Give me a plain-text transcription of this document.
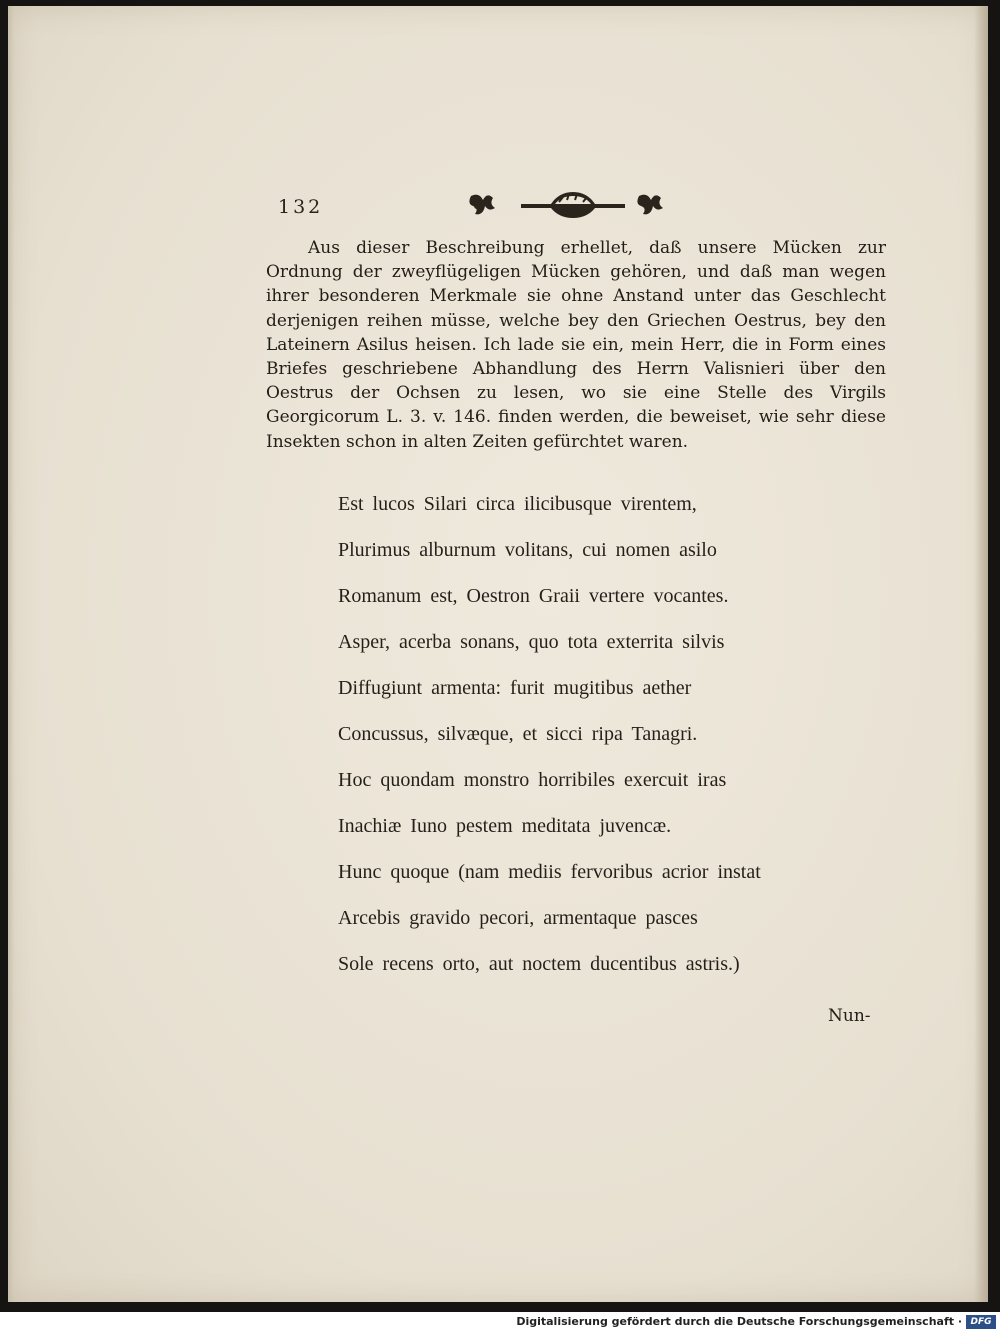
132

Aus dieser Beschreibung erhellet, daß unsere Mücken zur Ordnung der zweyflügeligen Mücken gehören, und daß man wegen ihrer besonderen Merkmale sie ohne Anstand unter das Geschlecht derjenigen reihen müsse, welche bey den Griechen Oestrus, bey den Lateinern Asilus heisen. Ich lade sie ein, mein Herr, die in Form eines Briefes geschriebene Abhandlung des Herrn Valisnieri über den Oestrus der Ochsen zu lesen, wo sie eine Stelle des Virgils Georgicorum L. 3. v. 146. finden werden, die beweiset, wie sehr diese Insekten schon in alten Zeiten gefürchtet waren.

Est lucos Silari circa ilicibusque virentem,
Plurimus alburnum volitans, cui nomen asilo
Romanum est, Oestron Graii vertere vocantes.
Asper, acerba sonans, quo tota exterrita silvis
Diffugiunt armenta: furit mugitibus aether
Concussus, silvæque, et sicci ripa Tanagri.
Hoc quondam monstro horribiles exercuit iras
Inachiæ Iuno pestem meditata juvencæ.
Hunc quoque (nam mediis fervoribus acrior instat
Arcebis gravido pecori, armentaque pasces
Sole recens orto, aut noctem ducentibus astris.)
Nun-
Digitalisierung gefördert durch die Deutsche Forschungsgemeinschaft · DFG
